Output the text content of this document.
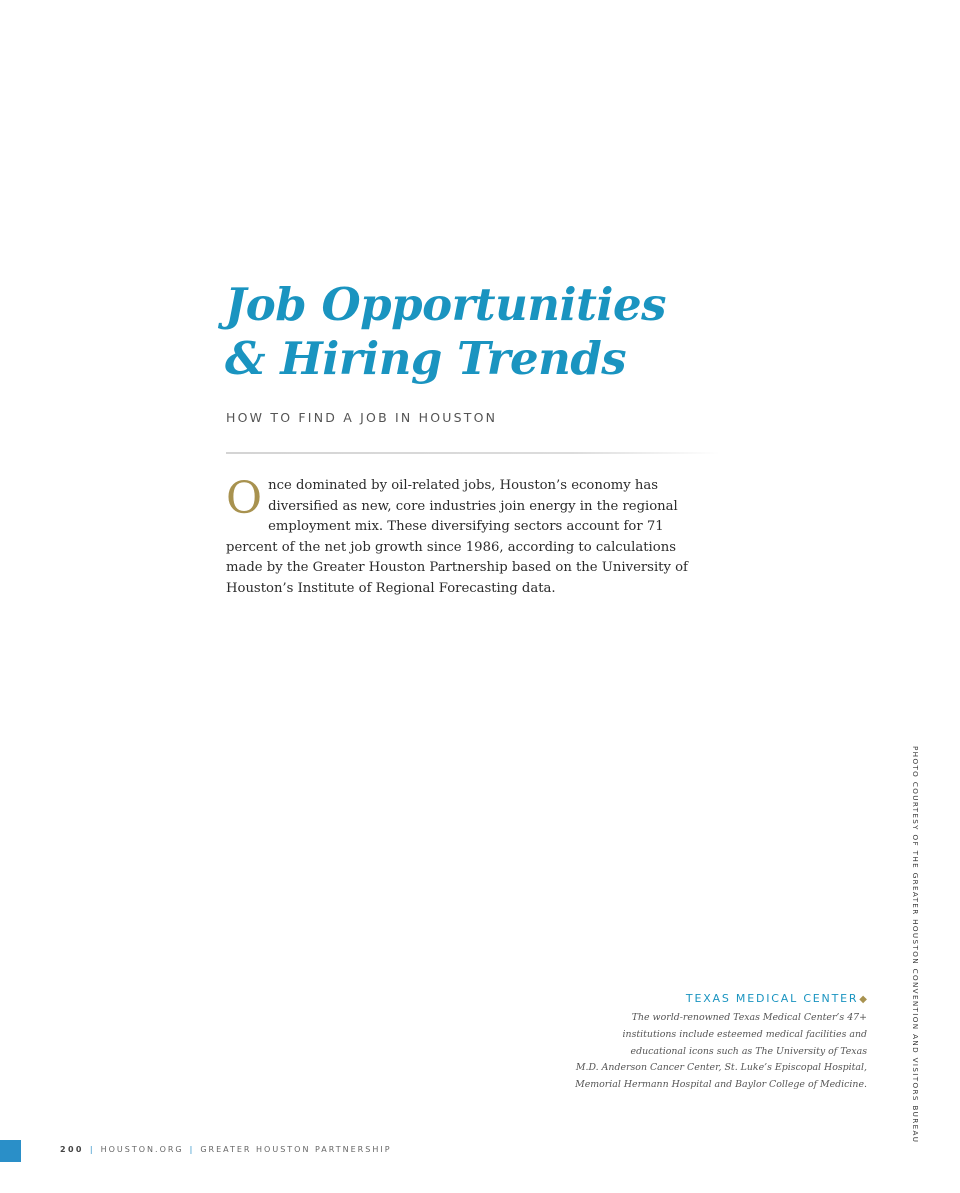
Job Opportunities
& Hiring Trends
HOW TO FIND A JOB IN HOUSTON
O nce dominated by oil-related jobs, Houston’s economy has diversified as new, core industries join energy in the regional employment mix. These diversifying sectors account for 71 percent of the net job growth since 1986, according to calculations made by the Greater Houston Partnership based on the University of Houston’s Institute of Regional Forecasting data.
PHOTO COURTESY OF THE GREATER HOUSTON CONVENTION AND VISITORS BUREAU
TEXAS MEDICAL CENTER◆
The world-renowned Texas Medical Center’s 47+
institutions include esteemed medical facilities and
educational icons such as The University of Texas
M.D. Anderson Cancer Center, St. Luke’s Episcopal Hospital,
Memorial Hermann Hospital and Baylor College of Medicine.
200 | HOUSTON.ORG | GREATER HOUSTON PARTNERSHIP
